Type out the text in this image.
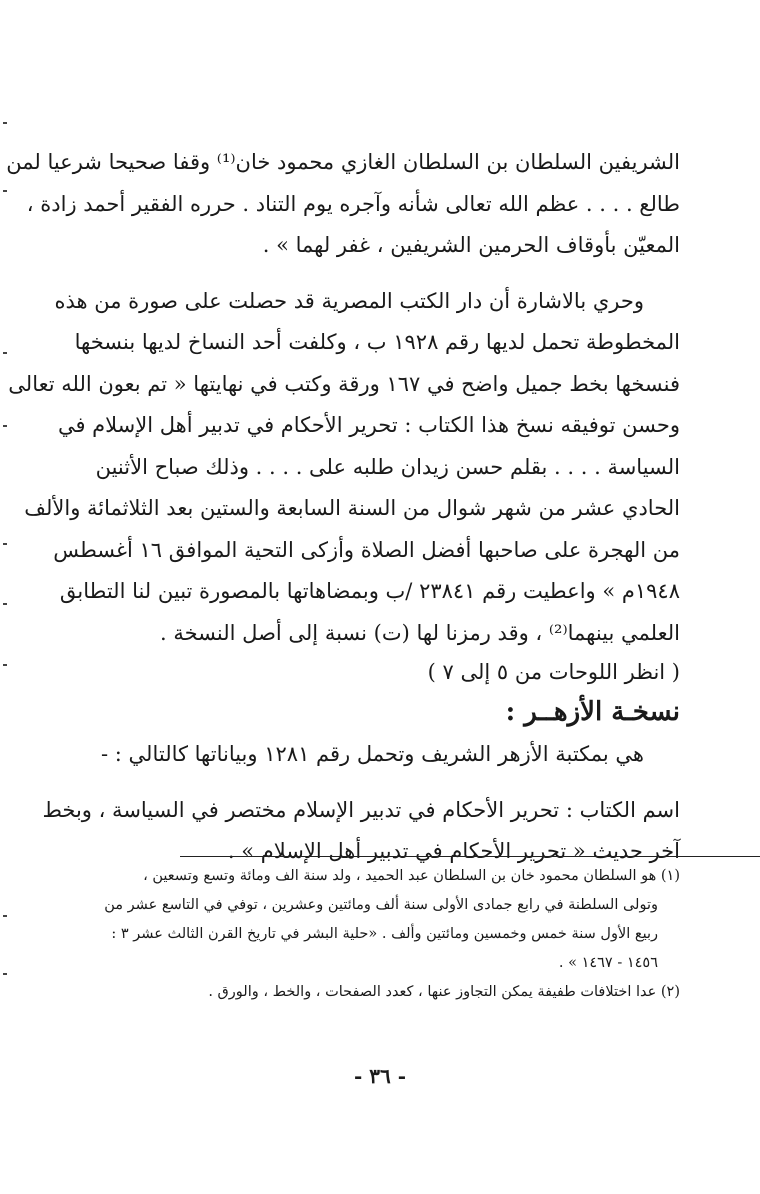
الشريفين السلطان بن السلطان الغازي محمود خان⁽¹⁾ وقفا صحيحا شرعيا لمن
طالع . . . . عظم الله تعالى شأنه وآجره يوم التناد . حرره الفقير أحمد زادة ،
المعيّن بأوقاف الحرمين الشريفين ، غفر لهما » .
وحري بالاشارة أن دار الكتب المصرية قد حصلت على صورة من هذه
المخطوطة تحمل لديها رقم ١٩٢٨ ب ، وكلفت أحد النساخ لديها بنسخها
فنسخها بخط جميل واضح في ١٦٧ ورقة وكتب في نهايتها « تم بعون الله تعالى
وحسن توفيقه نسخ هذا الكتاب : تحرير الأحكام في تدبير أهل الإسلام في
السياسة . . . . بقلم حسن زيدان طلبه على . . . . وذلك صباح الأثنين
الحادي عشر من شهر شوال من السنة السابعة والستين بعد الثلاثمائة والألف
من الهجرة على صاحبها أفضل الصلاة وأزكى التحية الموافق ١٦ أغسطس
١٩٤٨م » واعطيت رقم ٢٣٨٤١ /ب وبمضاهاتها بالمصورة تبين لنا التطابق
العلمي بينهما⁽²⁾ ، وقد رمزنا لها (ت) نسبة إلى أصل النسخة .
( انظر اللوحات من ٥ إلى ٧ )
نسخـة الأزهــر :
هي بمكتبة الأزهر الشريف وتحمل رقم ١٢٨١ وبياناتها كالتالي : -
اسم الكتاب : تحرير الأحكام في تدبير الإسلام مختصر في السياسة ، وبخط
آخر حديث « تحرير الأحكام في تدبير أهل الإسلام » .
(١) هو السلطان محمود خان بن السلطان عبد الحميد ، ولد سنة الف ومائة وتسع وتسعين ،
وتولى السلطنة في رابع جمادى الأولى سنة ألف ومائتين وعشرين ، توفي في التاسع عشر من
ربيع الأول سنة خمس وخمسين ومائتين وألف . «حلية البشر في تاريخ القرن الثالث عشر ٣ :
١٤٥٦ - ١٤٦٧ » .
(٢) عدا اختلافات طفيفة يمكن التجاوز عنها ، كعدد الصفحات ، والخط ، والورق .
- ٣٦ -
